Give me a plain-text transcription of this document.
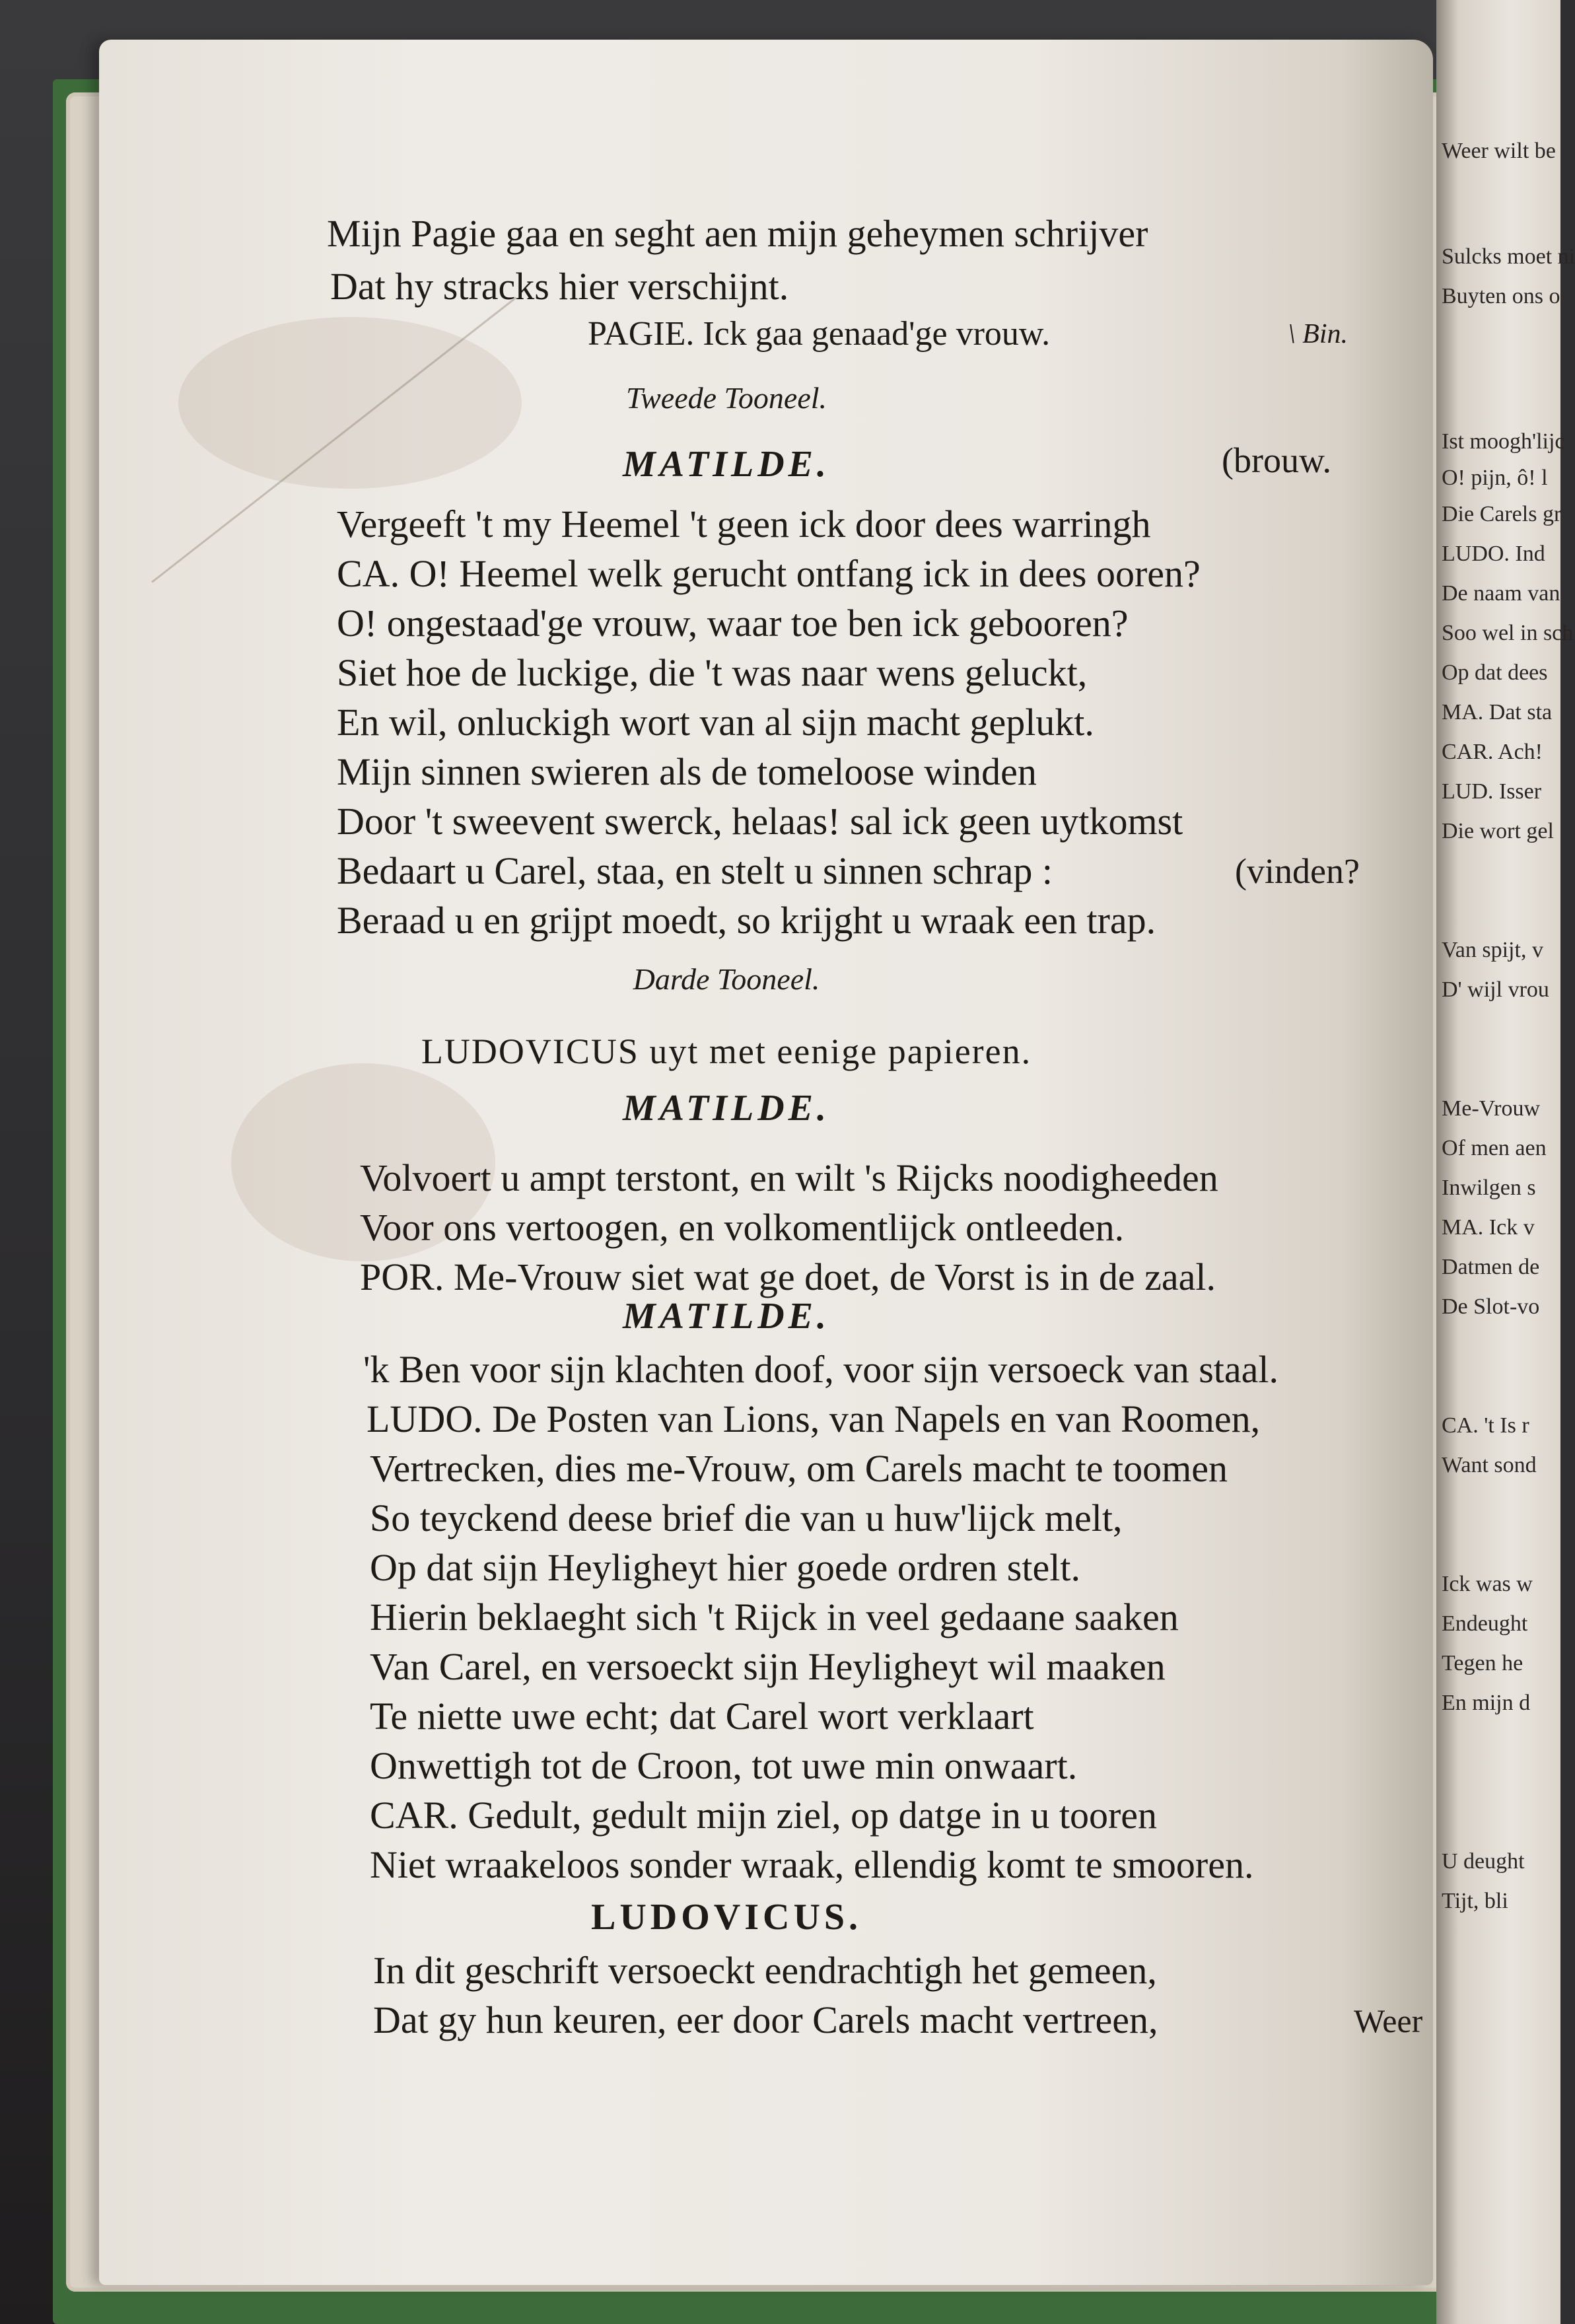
Mijn Pagie gaa en seght aen mijn geheymen schrijver
Dat hy stracks hier verschijnt.
PAGIE. Ick gaa genaad'ge vrouw.	\ Bin.
Tweede Tooneel.
MATILDE.	(brouw.
Vergeeft 't my Heemel 't geen ick door dees warringh
CA. O! Heemel welk gerucht ontfang ick in dees ooren?
O! ongestaad'ge vrouw, waar toe ben ick gebooren?
Siet hoe de luckige, die 't was naar wens geluckt,
En wil, onluckigh wort van al sijn macht geplukt.
Mijn sinnen swieren als de tomeloose winden
Door 't sweevent swerck, helaas! sal ick geen uytkomst
Bedaart u Carel, staa, en stelt u sinnen schrap :	(vinden?
Beraad u en grijpt moedt, so krijght u wraak een trap.
Darde Tooneel.
LUDOVICUS uyt met eenige papieren.
MATILDE.
Volvoert u ampt terstont, en wilt 's Rijcks noodigheeden
Voor ons vertoogen, en volkomentlijck ontleeden.
POR. Me-Vrouw siet wat ge doet, de Vorst is in de zaal.
MATILDE.
'k Ben voor sijn klachten doof, voor sijn versoeck van staal.
LUDO. De Posten van Lions, van Napels en van Roomen,
Vertrecken, dies me-Vrouw, om Carels macht te toomen
So teyckend deese brief die van u huw'lijck melt,
Op dat sijn Heyligheyt hier goede ordren stelt.
Hierin beklaeght sich 't Rijck in veel gedaane saaken
Van Carel, en versoeckt sijn Heyligheyt wil maaken
Te niette uwe echt; dat Carel wort verklaart
Onwettigh tot de Croon, tot uwe min onwaart.
CAR. Gedult, gedult mijn ziel, op datge in u tooren
Niet wraakeloos sonder wraak, ellendig komt te smooren.
LUDOVICUS.
In dit geschrift versoeckt eendrachtigh het gemeen,
Dat gy hun keuren, eer door Carels macht vertreen,	Weer
Weer wilt be
Sulcks moet ni
Buyten ons o
Ist moogh'lijc
O! pijn, ô! l
Die Carels gr
LUDO. Ind
De naam van
Soo wel in sch
Op dat dees
MA. Dat sta
CAR. Ach!
LUD. Isser
Die wort gel
Van spijt, v
D' wijl vrou
Me-Vrouw
Of men aen
Inwilgen s
MA. Ick v
Datmen de
De Slot-vo
CA. 't Is r
Want sond
Ick was w
Endeught
Tegen he
En mijn d
U deught
Tijt, bli
